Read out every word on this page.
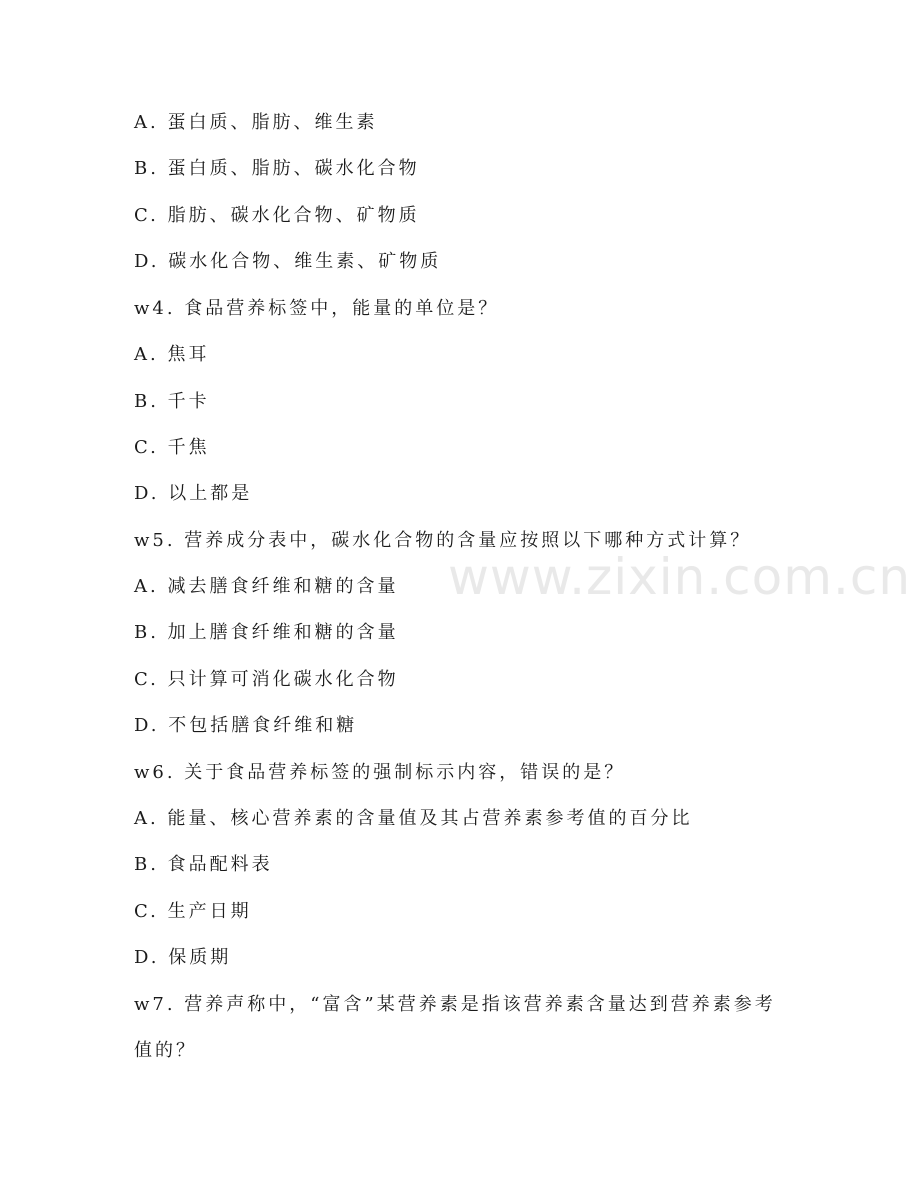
www.zixin.com.cn
A. 蛋白质、脂肪、维生素
B. 蛋白质、脂肪、碳水化合物
C. 脂肪、碳水化合物、矿物质
D. 碳水化合物、维生素、矿物质
w4. 食品营养标签中，能量的单位是？
A. 焦耳
B. 千卡
C. 千焦
D. 以上都是
w5. 营养成分表中，碳水化合物的含量应按照以下哪种方式计算？
A. 减去膳食纤维和糖的含量
B. 加上膳食纤维和糖的含量
C. 只计算可消化碳水化合物
D. 不包括膳食纤维和糖
w6. 关于食品营养标签的强制标示内容，错误的是？
A. 能量、核心营养素的含量值及其占营养素参考值的百分比
B. 食品配料表
C. 生产日期
D. 保质期
w7. 营养声称中，“富含”某营养素是指该营养素含量达到营养素参考值的？
